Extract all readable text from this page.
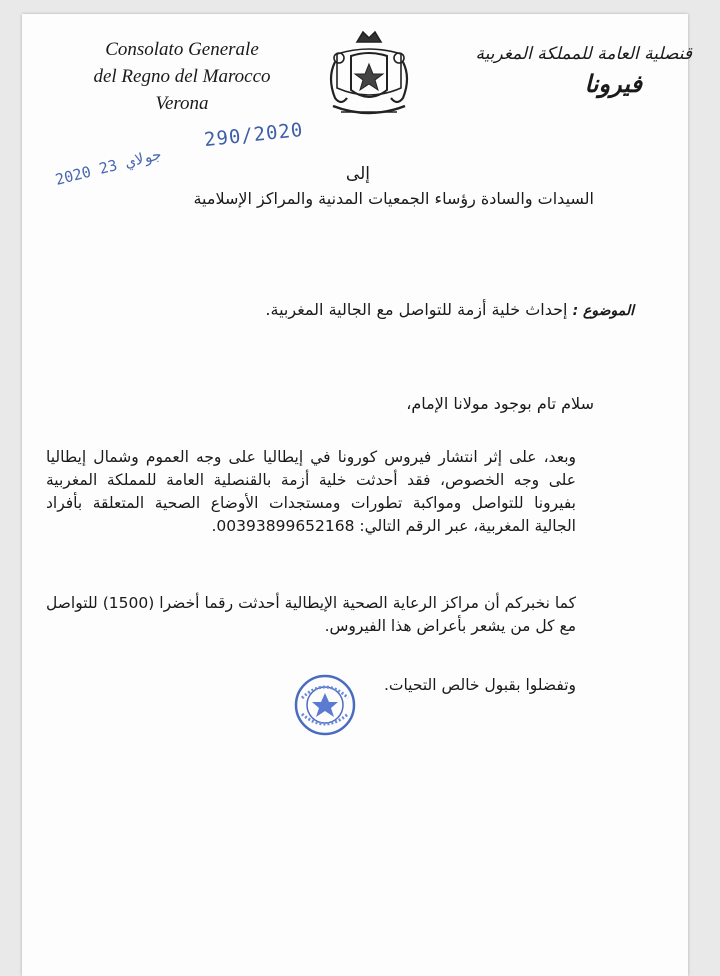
Consolato Generale
del Regno del Marocco
Verona
قنصلية العامة للمملكة المغربية
فيرونا
290/2020
2020 جولاي 23
إلى
السيدات والسادة رؤساء الجمعيات المدنية والمراكز الإسلامية
الموضوع : إحداث خلية أزمة للتواصل مع الجالية المغربية.
سلام تام بوجود مولانا الإمام،
وبعد، على إثر انتشار فيروس كورونا في إيطاليا على وجه العموم وشمال إيطاليا على وجه الخصوص، فقد أحدثت خلية أزمة بالقنصلية العامة للمملكة المغربية بفيرونا للتواصل ومواكبة تطورات ومستجدات الأوضاع الصحية المتعلقة بأفراد الجالية المغربية، عبر الرقم التالي: 00393899652168.
كما نخبركم أن مراكز الرعاية الصحية الإيطالية أحدثت رقما أخضرا (1500) للتواصل مع كل من يشعر بأعراض هذا الفيروس.
وتفضلوا بقبول خالص التحيات.
